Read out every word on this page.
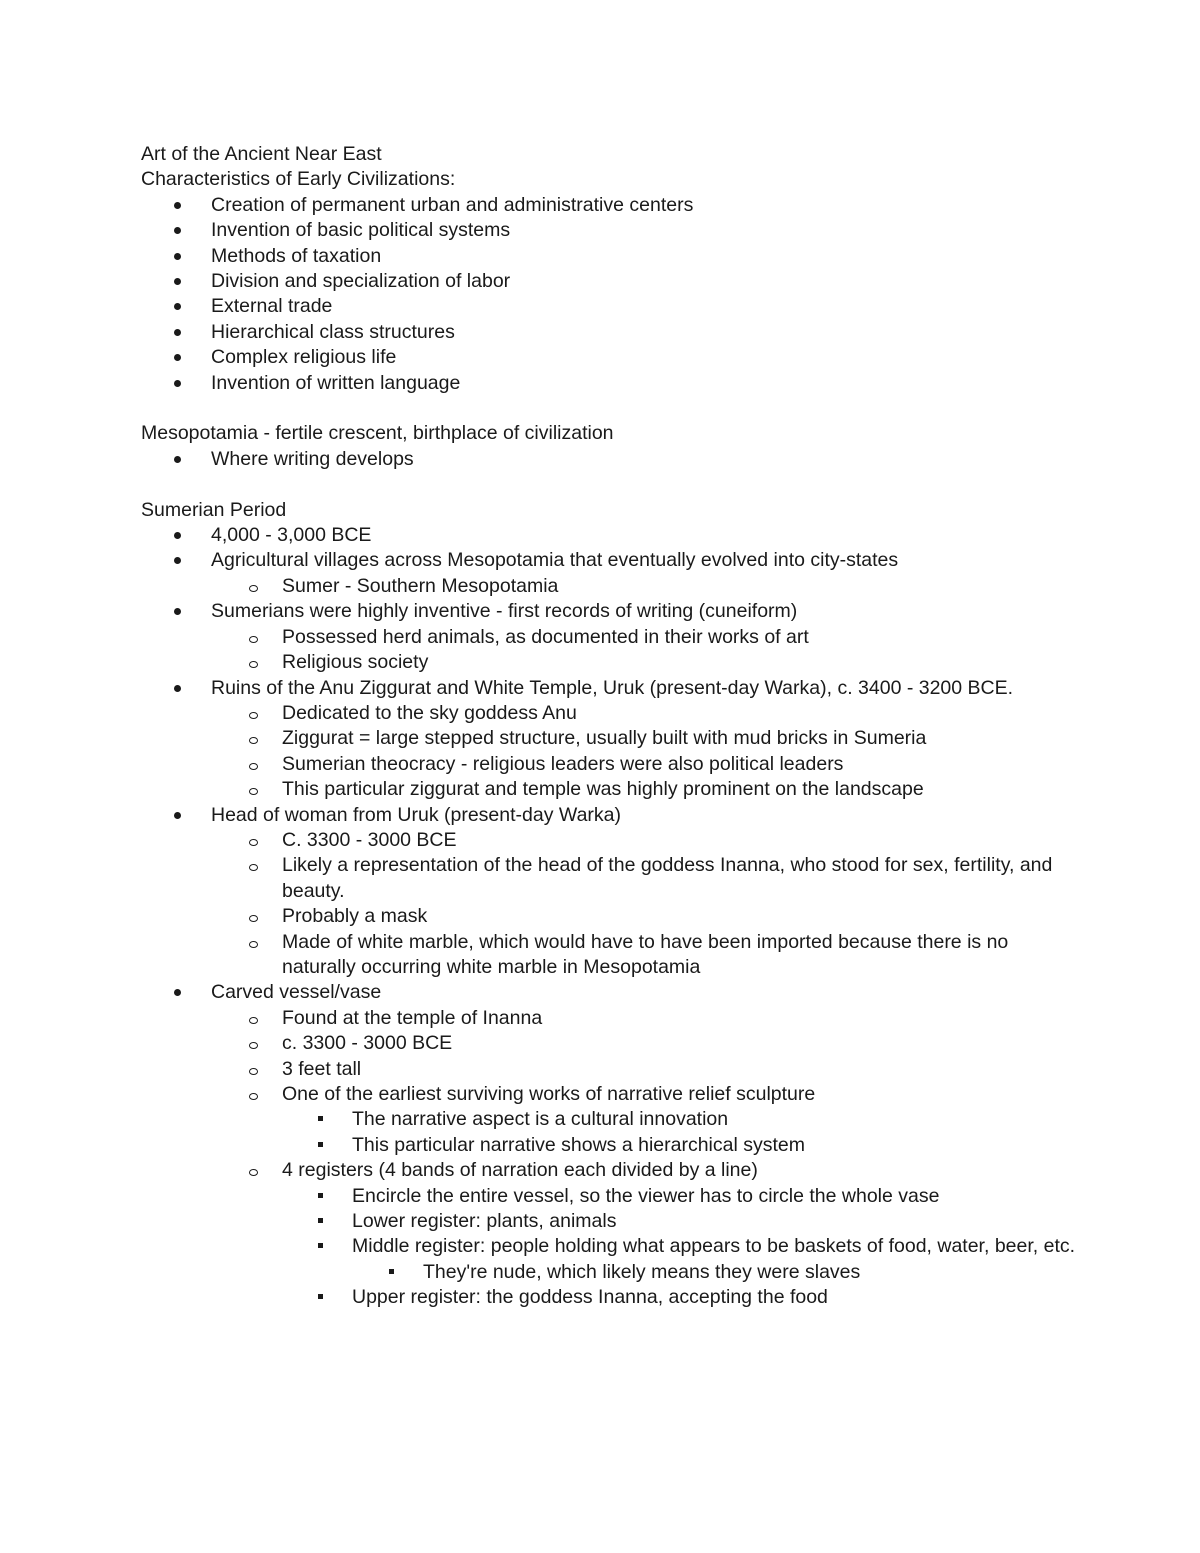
Art of the Ancient Near East
Characteristics of Early Civilizations:
Creation of permanent urban and administrative centers
Invention of basic political systems
Methods of taxation
Division and specialization of labor
External trade
Hierarchical class structures
Complex religious life
Invention of written language
Mesopotamia - fertile crescent, birthplace of civilization
Where writing develops
Sumerian Period
4,000 - 3,000 BCE
Agricultural villages across Mesopotamia that eventually evolved into city-states
Sumer - Southern Mesopotamia
Sumerians were highly inventive - first records of writing (cuneiform)
Possessed herd animals, as documented in their works of art
Religious society
Ruins of the Anu Ziggurat and White Temple, Uruk (present-day Warka), c. 3400 - 3200 BCE.
Dedicated to the sky goddess Anu
Ziggurat = large stepped structure, usually built with mud bricks in Sumeria
Sumerian theocracy - religious leaders were also political leaders
This particular ziggurat and temple was highly prominent on the landscape
Head of woman from Uruk (present-day Warka)
C. 3300 - 3000 BCE
Likely a representation of the head of the goddess Inanna, who stood for sex, fertility, and beauty.
Probably a mask
Made of white marble, which would have to have been imported because there is no naturally occurring white marble in Mesopotamia
Carved vessel/vase
Found at the temple of Inanna
c. 3300 - 3000 BCE
3 feet tall
One of the earliest surviving works of narrative relief sculpture
The narrative aspect is a cultural innovation
This particular narrative shows a hierarchical system
4 registers (4 bands of narration each divided by a line)
Encircle the entire vessel, so the viewer has to circle the whole vase
Lower register: plants, animals
Middle register: people holding what appears to be baskets of food, water, beer, etc.
They're nude, which likely means they were slaves
Upper register: the goddess Inanna, accepting the food
